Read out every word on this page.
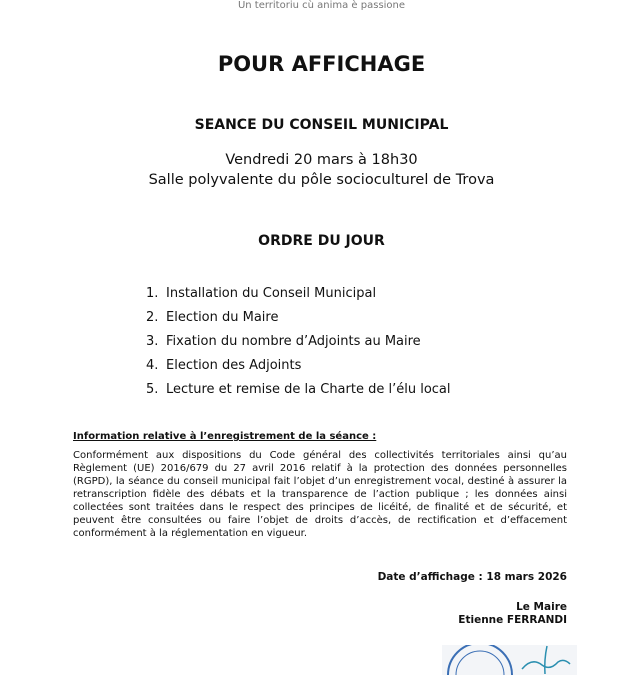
Un territoriu cù anima è passione
POUR AFFICHAGE
SEANCE DU CONSEIL MUNICIPAL
Vendredi 20 mars à 18h30
Salle polyvalente du pôle socioculturel de Trova
ORDRE DU JOUR
1. Installation du Conseil Municipal
2. Election du Maire
3. Fixation du nombre d’Adjoints au Maire
4. Election des Adjoints
5. Lecture et remise de la Charte de l’élu local
Information relative à l’enregistrement de la séance :
Conformément aux dispositions du Code général des collectivités territoriales ainsi qu’au Règlement (UE) 2016/679 du 27 avril 2016 relatif à la protection des données personnelles (RGPD), la séance du conseil municipal fait l’objet d’un enregistrement vocal, destiné à assurer la retranscription fidèle des débats et la transparence de l’action publique ; les données ainsi collectées sont traitées dans le respect des principes de licéité, de finalité et de sécurité, et peuvent être consultées ou faire l’objet de droits d’accès, de rectification et d’effacement conformément à la réglementation en vigueur.
Date d’affichage : 18 mars 2026
Le Maire
Etienne FERRANDI
